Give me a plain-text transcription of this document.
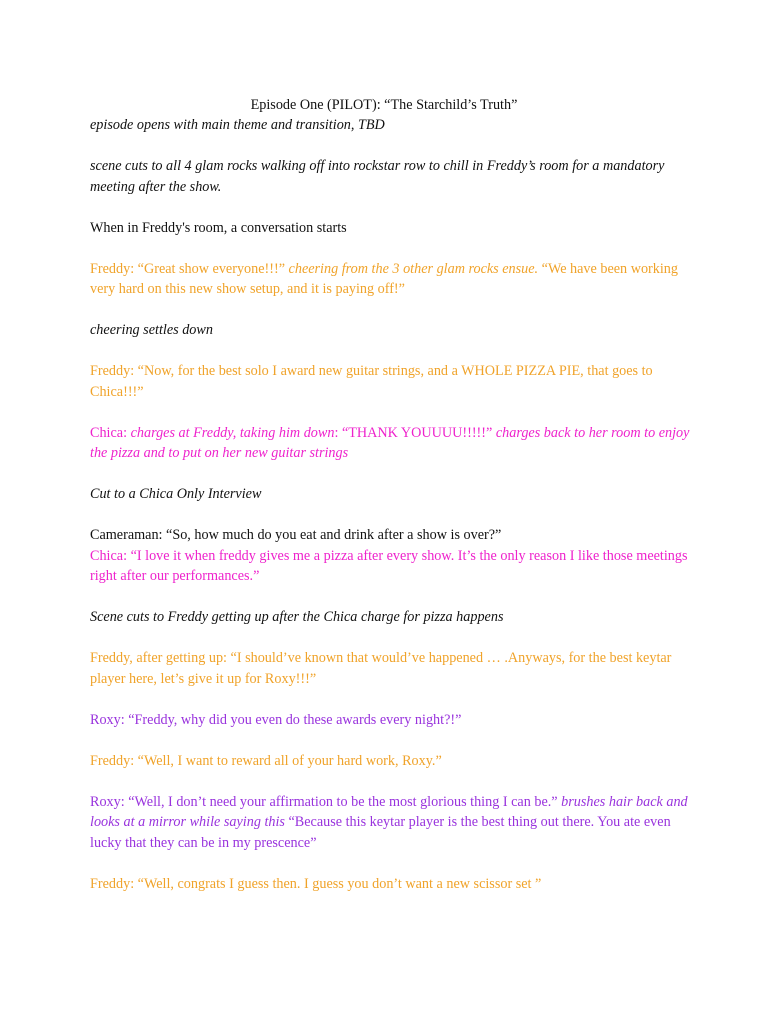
Episode One (PILOT): “The Starchild’s Truth”

episode opens with main theme and transition, TBD

scene cuts to all 4 glam rocks walking off into rockstar row to chill in Freddy’s room for a mandatory meeting after the show.

When in Freddy's room, a conversation starts

Freddy: “Great show everyone!!!” cheering from the 3 other glam rocks ensue. “We have been working very hard on this new show setup, and it is paying off!”

cheering settles down

Freddy: “Now, for the best solo I award new guitar strings, and a WHOLE PIZZA PIE, that goes to Chica!!!”

Chica: charges at Freddy, taking him down: “THANK YOUUUU!!!!!” charges back to her room to enjoy the pizza and to put on her new guitar strings

Cut to a Chica Only Interview

Cameraman: “So, how much do you eat and drink after a show is over?”

Chica: “I love it when freddy gives me a pizza after every show. It’s the only reason I like those meetings right after our performances.”

Scene cuts to Freddy getting up after the Chica charge for pizza happens

Freddy, after getting up: “I should’ve known that would’ve happened … .Anyways, for the best keytar player here, let’s give it up for Roxy!!!”

Roxy: “Freddy, why did you even do these awards every night?!”

Freddy: “Well, I want to reward all of your hard work, Roxy.”

Roxy: “Well, I don’t need your affirmation to be the most glorious thing I can be.” brushes hair back and looks at a mirror while saying this “Because this keytar player is the best thing out there. You ate even lucky that they can be in my prescence”

Freddy: “Well, congrats I guess then. I guess you don’t want a new scissor set ”
